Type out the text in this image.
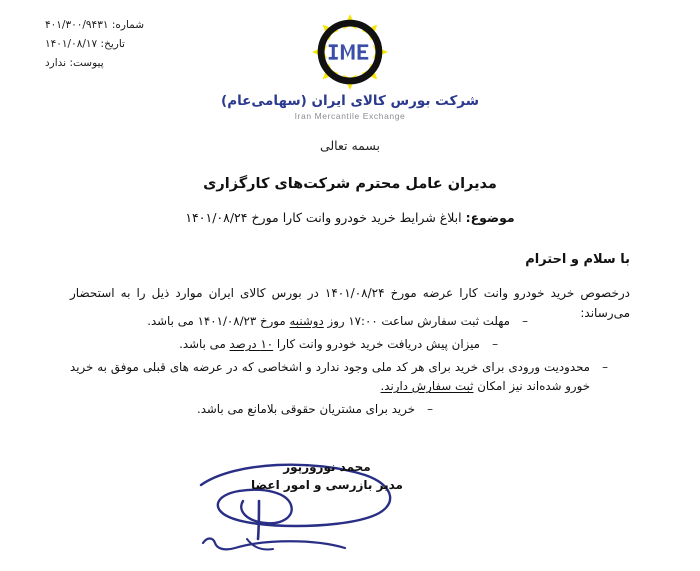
شماره: ۴۰۱/۳۰۰/۹۴۳۱
تاریخ: ۱۴۰۱/۰۸/۱۷
پیوست: ندارد
شرکت بورس کالای ایران (سهامی‌عام)
Iran Mercantile Exchange
بسمه تعالی
مدیران عامل محترم شرکت‌های کارگزاری
موضوع: ابلاغ شرایط خرید خودرو وانت کارا مورخ ۱۴۰۱/۰۸/۲۴
با سلام و احترام
درخصوص خرید خودرو وانت کارا عرضه مورخ ۱۴۰۱/۰۸/۲۴ در بورس کالای ایران موارد ذیل را به استحضار می‌رساند:
–
مهلت ثبت سفارش ساعت ۱۷:۰۰ روز دوشنبه مورخ ۱۴۰۱/۰۸/۲۳ می باشد.
–
میزان پیش دریافت خرید خودرو وانت کارا ۱۰ درصد می باشد.
–
محدودیت ورودی برای خرید برای هر کد ملی وجود ندارد و اشخاصی که در عرضه های قبلی موفق به خرید خورو شده‌اند نیز امکان ثبت سفارش دارند.
–
خرید برای مشتریان حقوقی بلامانع می باشد.
محمد نوروزپور
مدیر بازرسی و امور اعضا
